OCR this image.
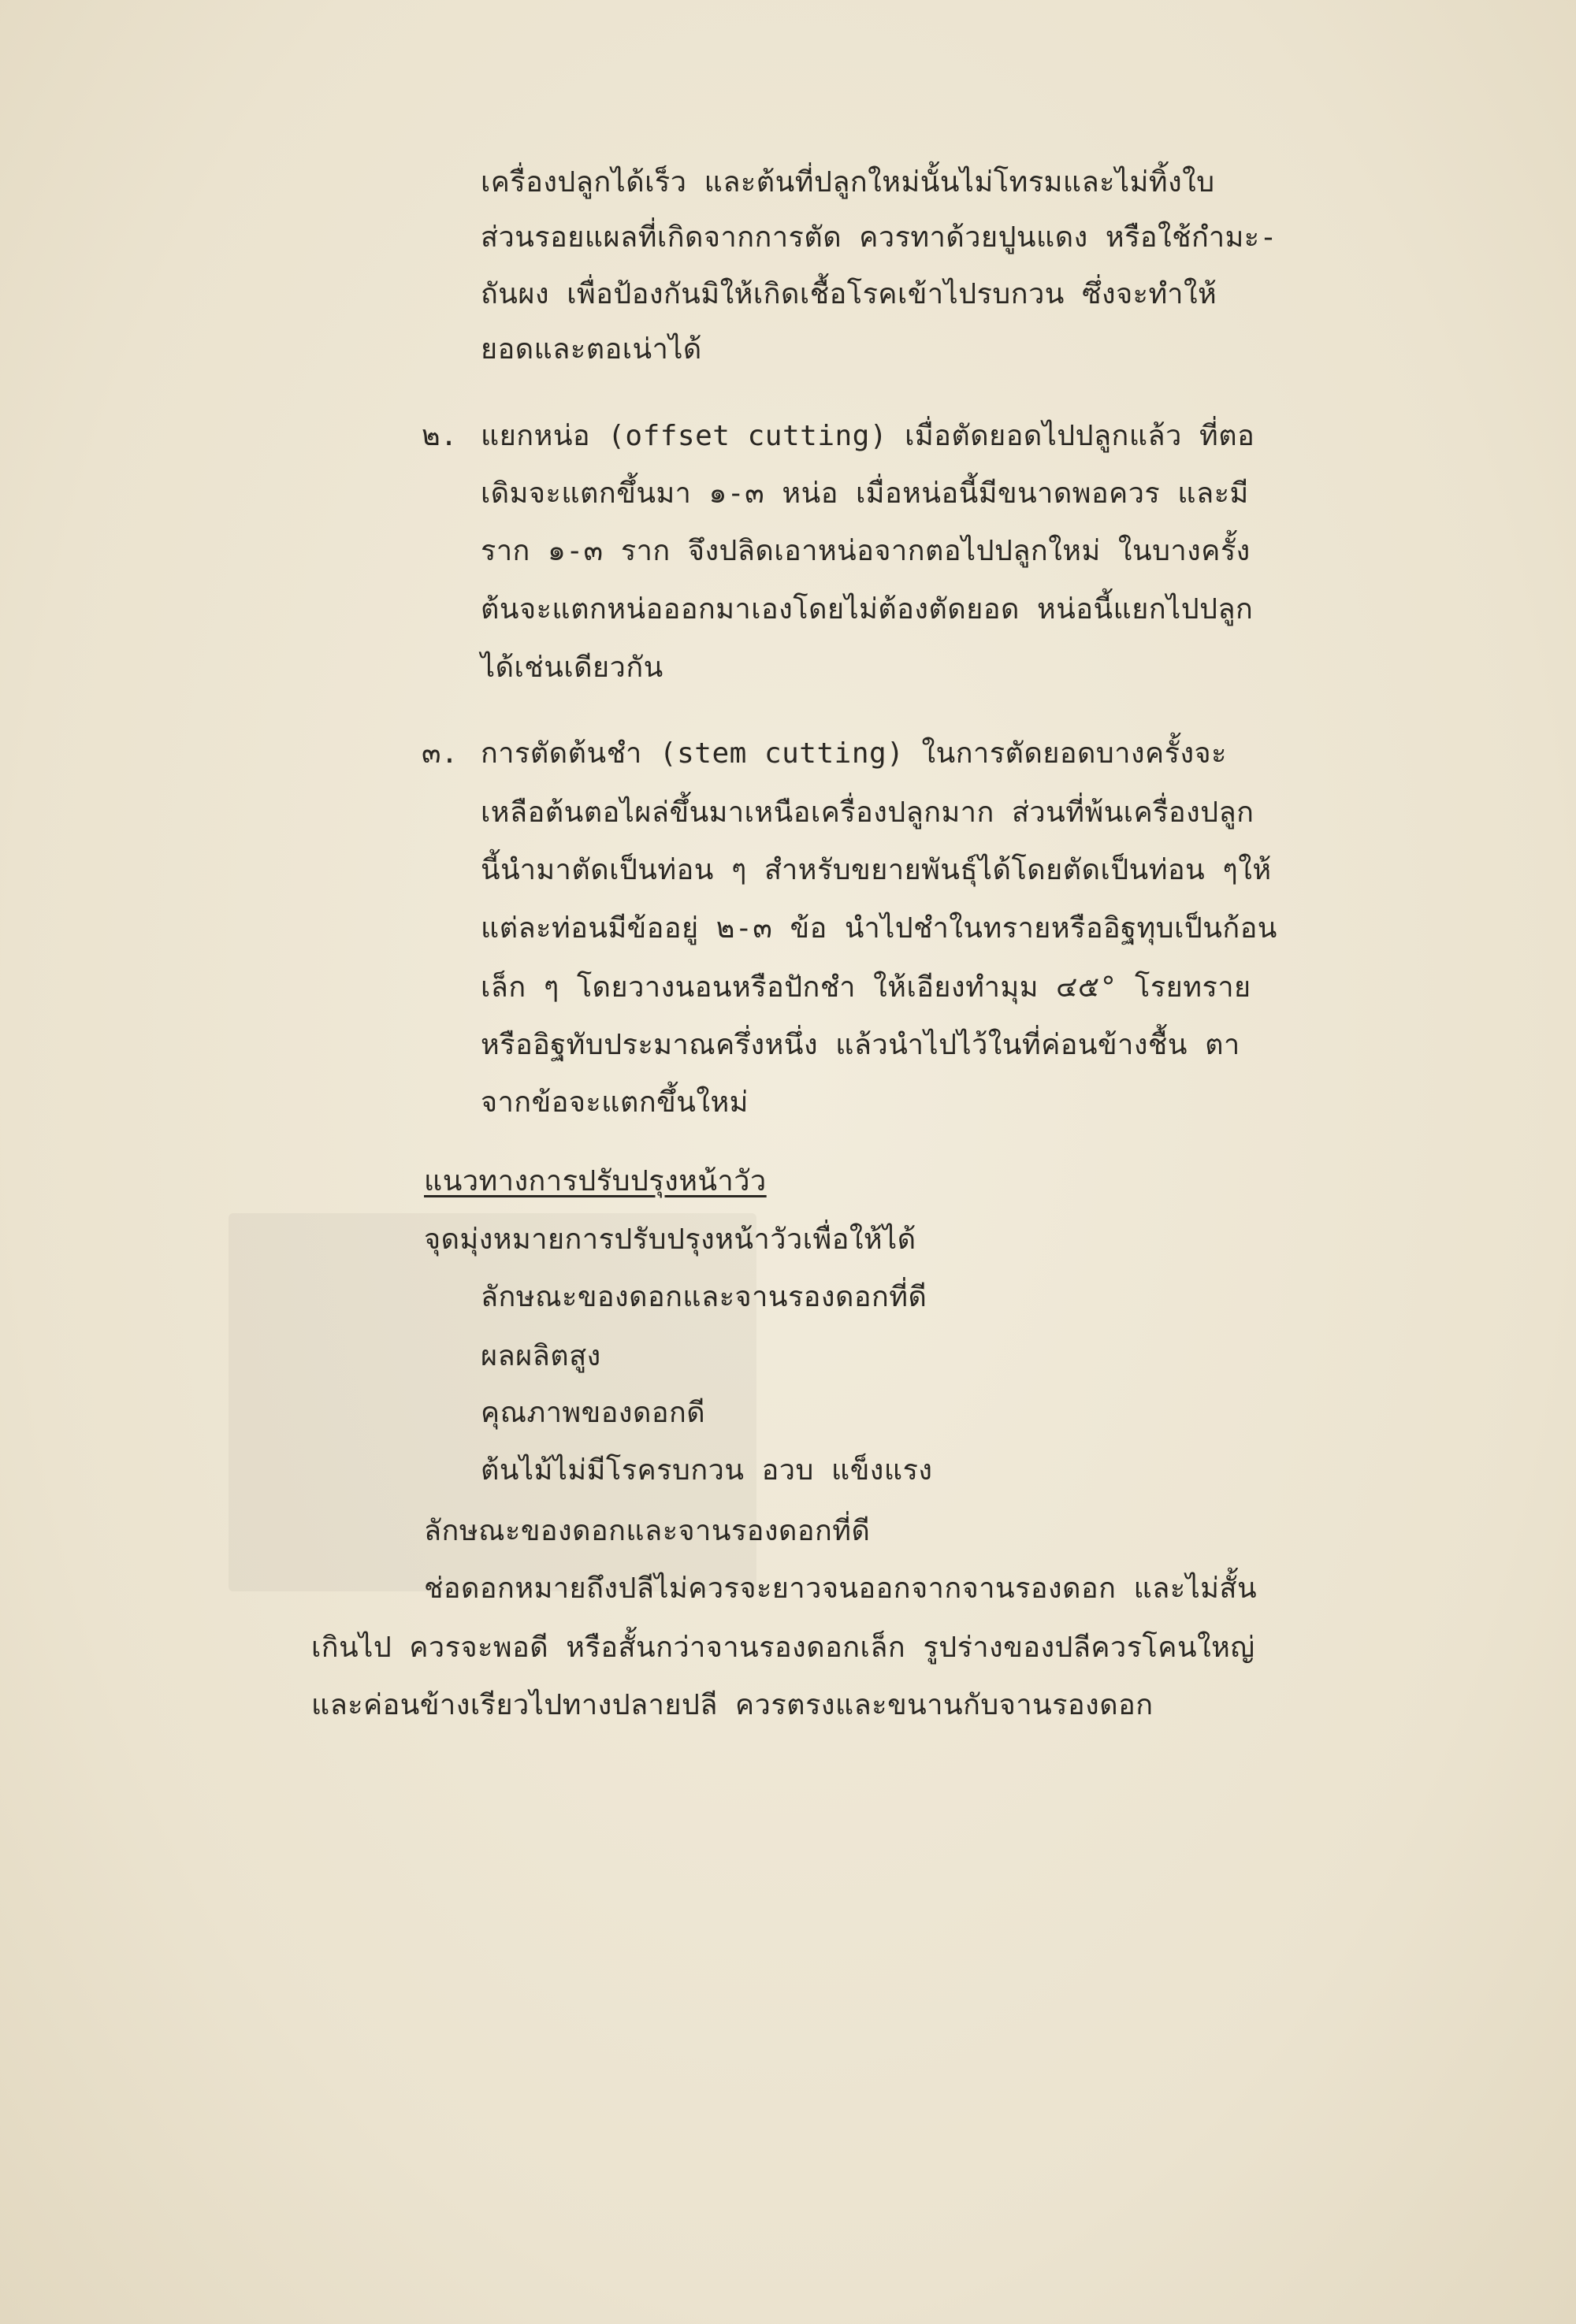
เครื่องปลูกได้เร็ว และต้นที่ปลูกใหม่นั้นไม่โทรมและไม่ทิ้งใบ
ส่วนรอยแผลที่เกิดจากการตัด ควรทาด้วยปูนแดง หรือใช้กำมะ-
ถันผง เพื่อป้องกันมิให้เกิดเชื้อโรคเข้าไปรบกวน ซึ่งจะทำให้
ยอดและตอเน่าได้
๒. แยกหน่อ (offset cutting) เมื่อตัดยอดไปปลูกแล้ว ที่ตอ
เดิมจะแตกขึ้นมา ๑-๓ หน่อ เมื่อหน่อนี้มีขนาดพอควร และมี
ราก ๑-๓ ราก จึงปลิดเอาหน่อจากตอไปปลูกใหม่ ในบางครั้ง
ต้นจะแตกหน่อออกมาเองโดยไม่ต้องตัดยอด หน่อนี้แยกไปปลูก
ได้เช่นเดียวกัน
๓. การตัดต้นชำ (stem cutting) ในการตัดยอดบางครั้งจะ
เหลือต้นตอไผล่ขึ้นมาเหนือเครื่องปลูกมาก ส่วนที่พ้นเครื่องปลูก
นี้นำมาตัดเป็นท่อน ๆ สำหรับขยายพันธุ์ได้โดยตัดเป็นท่อน ๆให้
แต่ละท่อนมีข้ออยู่ ๒-๓ ข้อ นำไปชำในทรายหรืออิฐทุบเป็นก้อน
เล็ก ๆ โดยวางนอนหรือปักชำ ให้เอียงทำมุม ๔๕° โรยทราย
หรืออิฐทับประมาณครึ่งหนึ่ง แล้วนำไปไว้ในที่ค่อนข้างชื้น ตา
จากข้อจะแตกขึ้นใหม่
แนวทางการปรับปรุงหน้าวัว
จุดมุ่งหมายการปรับปรุงหน้าวัวเพื่อให้ได้
ลักษณะของดอกและจานรองดอกที่ดี
ผลผลิตสูง
คุณภาพของดอกดี
ต้นไม้ไม่มีโรครบกวน อวบ แข็งแรง
ลักษณะของดอกและจานรองดอกที่ดี
ช่อดอกหมายถึงปลีไม่ควรจะยาวจนออกจากจานรองดอก และไม่สั้น
เกินไป ควรจะพอดี หรือสั้นกว่าจานรองดอกเล็ก รูปร่างของปลีควรโคนใหญ่
และค่อนข้างเรียวไปทางปลายปลี ควรตรงและขนานกับจานรองดอก
